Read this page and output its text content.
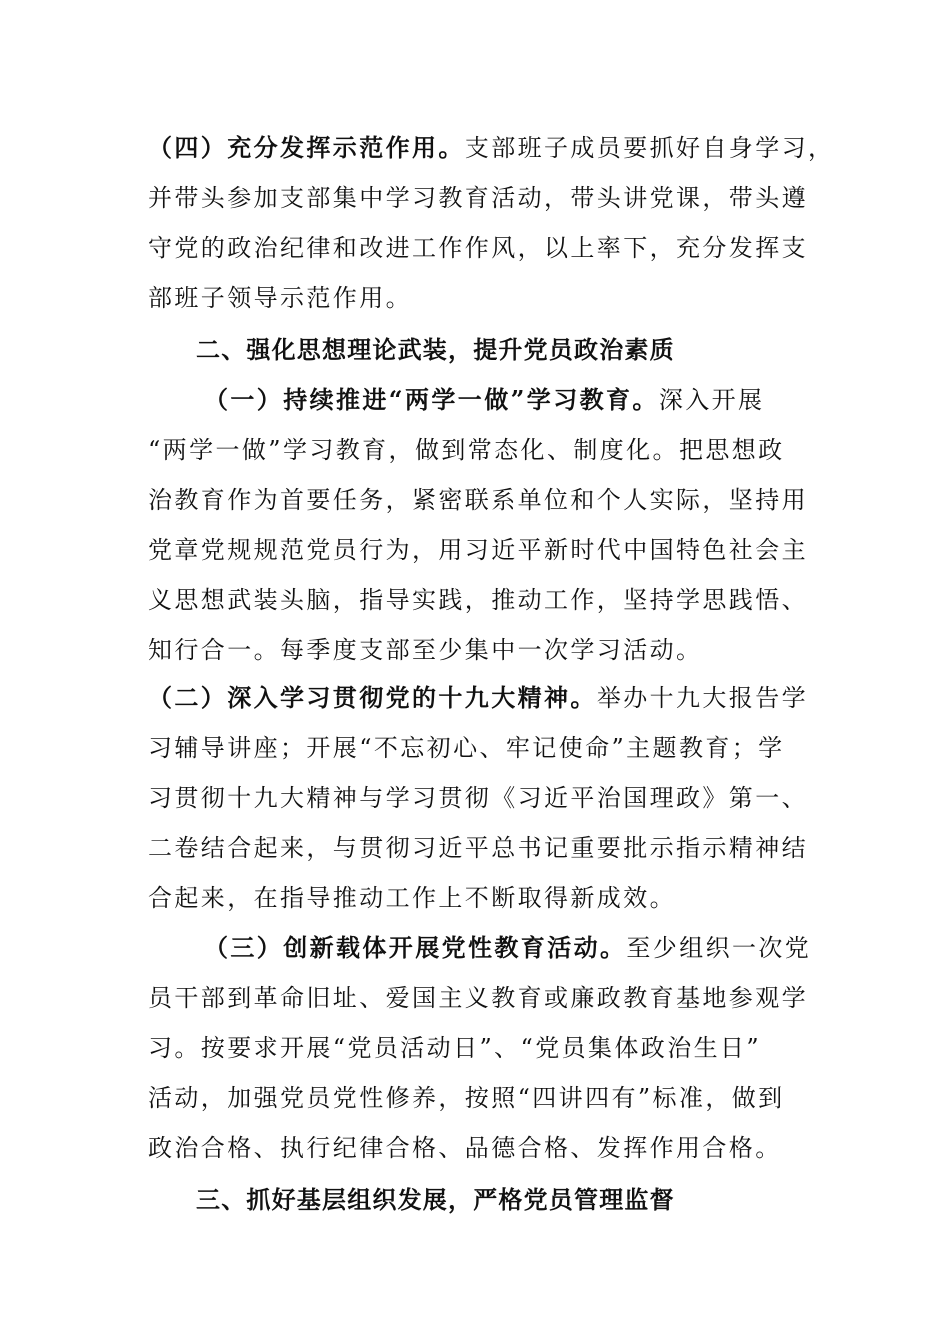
（四）充分发挥示范作用。支部班子成员要抓好自身学习，
并带头参加支部集中学习教育活动，带头讲党课，带头遵
守党的政治纪律和改进工作作风，以上率下，充分发挥支
部班子领导示范作用。
二、强化思想理论武装，提升党员政治素质
（一）持续推进“两学一做”学习教育。深入开展
“两学一做”学习教育，做到常态化、制度化。把思想政
治教育作为首要任务，紧密联系单位和个人实际，坚持用
党章党规规范党员行为，用习近平新时代中国特色社会主
义思想武装头脑，指导实践，推动工作，坚持学思践悟、
知行合一。每季度支部至少集中一次学习活动。
（二）深入学习贯彻党的十九大精神。举办十九大报告学
习辅导讲座；开展“不忘初心、牢记使命”主题教育；学
习贯彻十九大精神与学习贯彻《习近平治国理政》第一、
二卷结合起来，与贯彻习近平总书记重要批示指示精神结
合起来，在指导推动工作上不断取得新成效。
（三）创新载体开展党性教育活动。至少组织一次党
员干部到革命旧址、爱国主义教育或廉政教育基地参观学
习。按要求开展“党员活动日”、“党员集体政治生日”
活动，加强党员党性修养，按照“四讲四有”标准，做到
政治合格、执行纪律合格、品德合格、发挥作用合格。
三、抓好基层组织发展，严格党员管理监督
